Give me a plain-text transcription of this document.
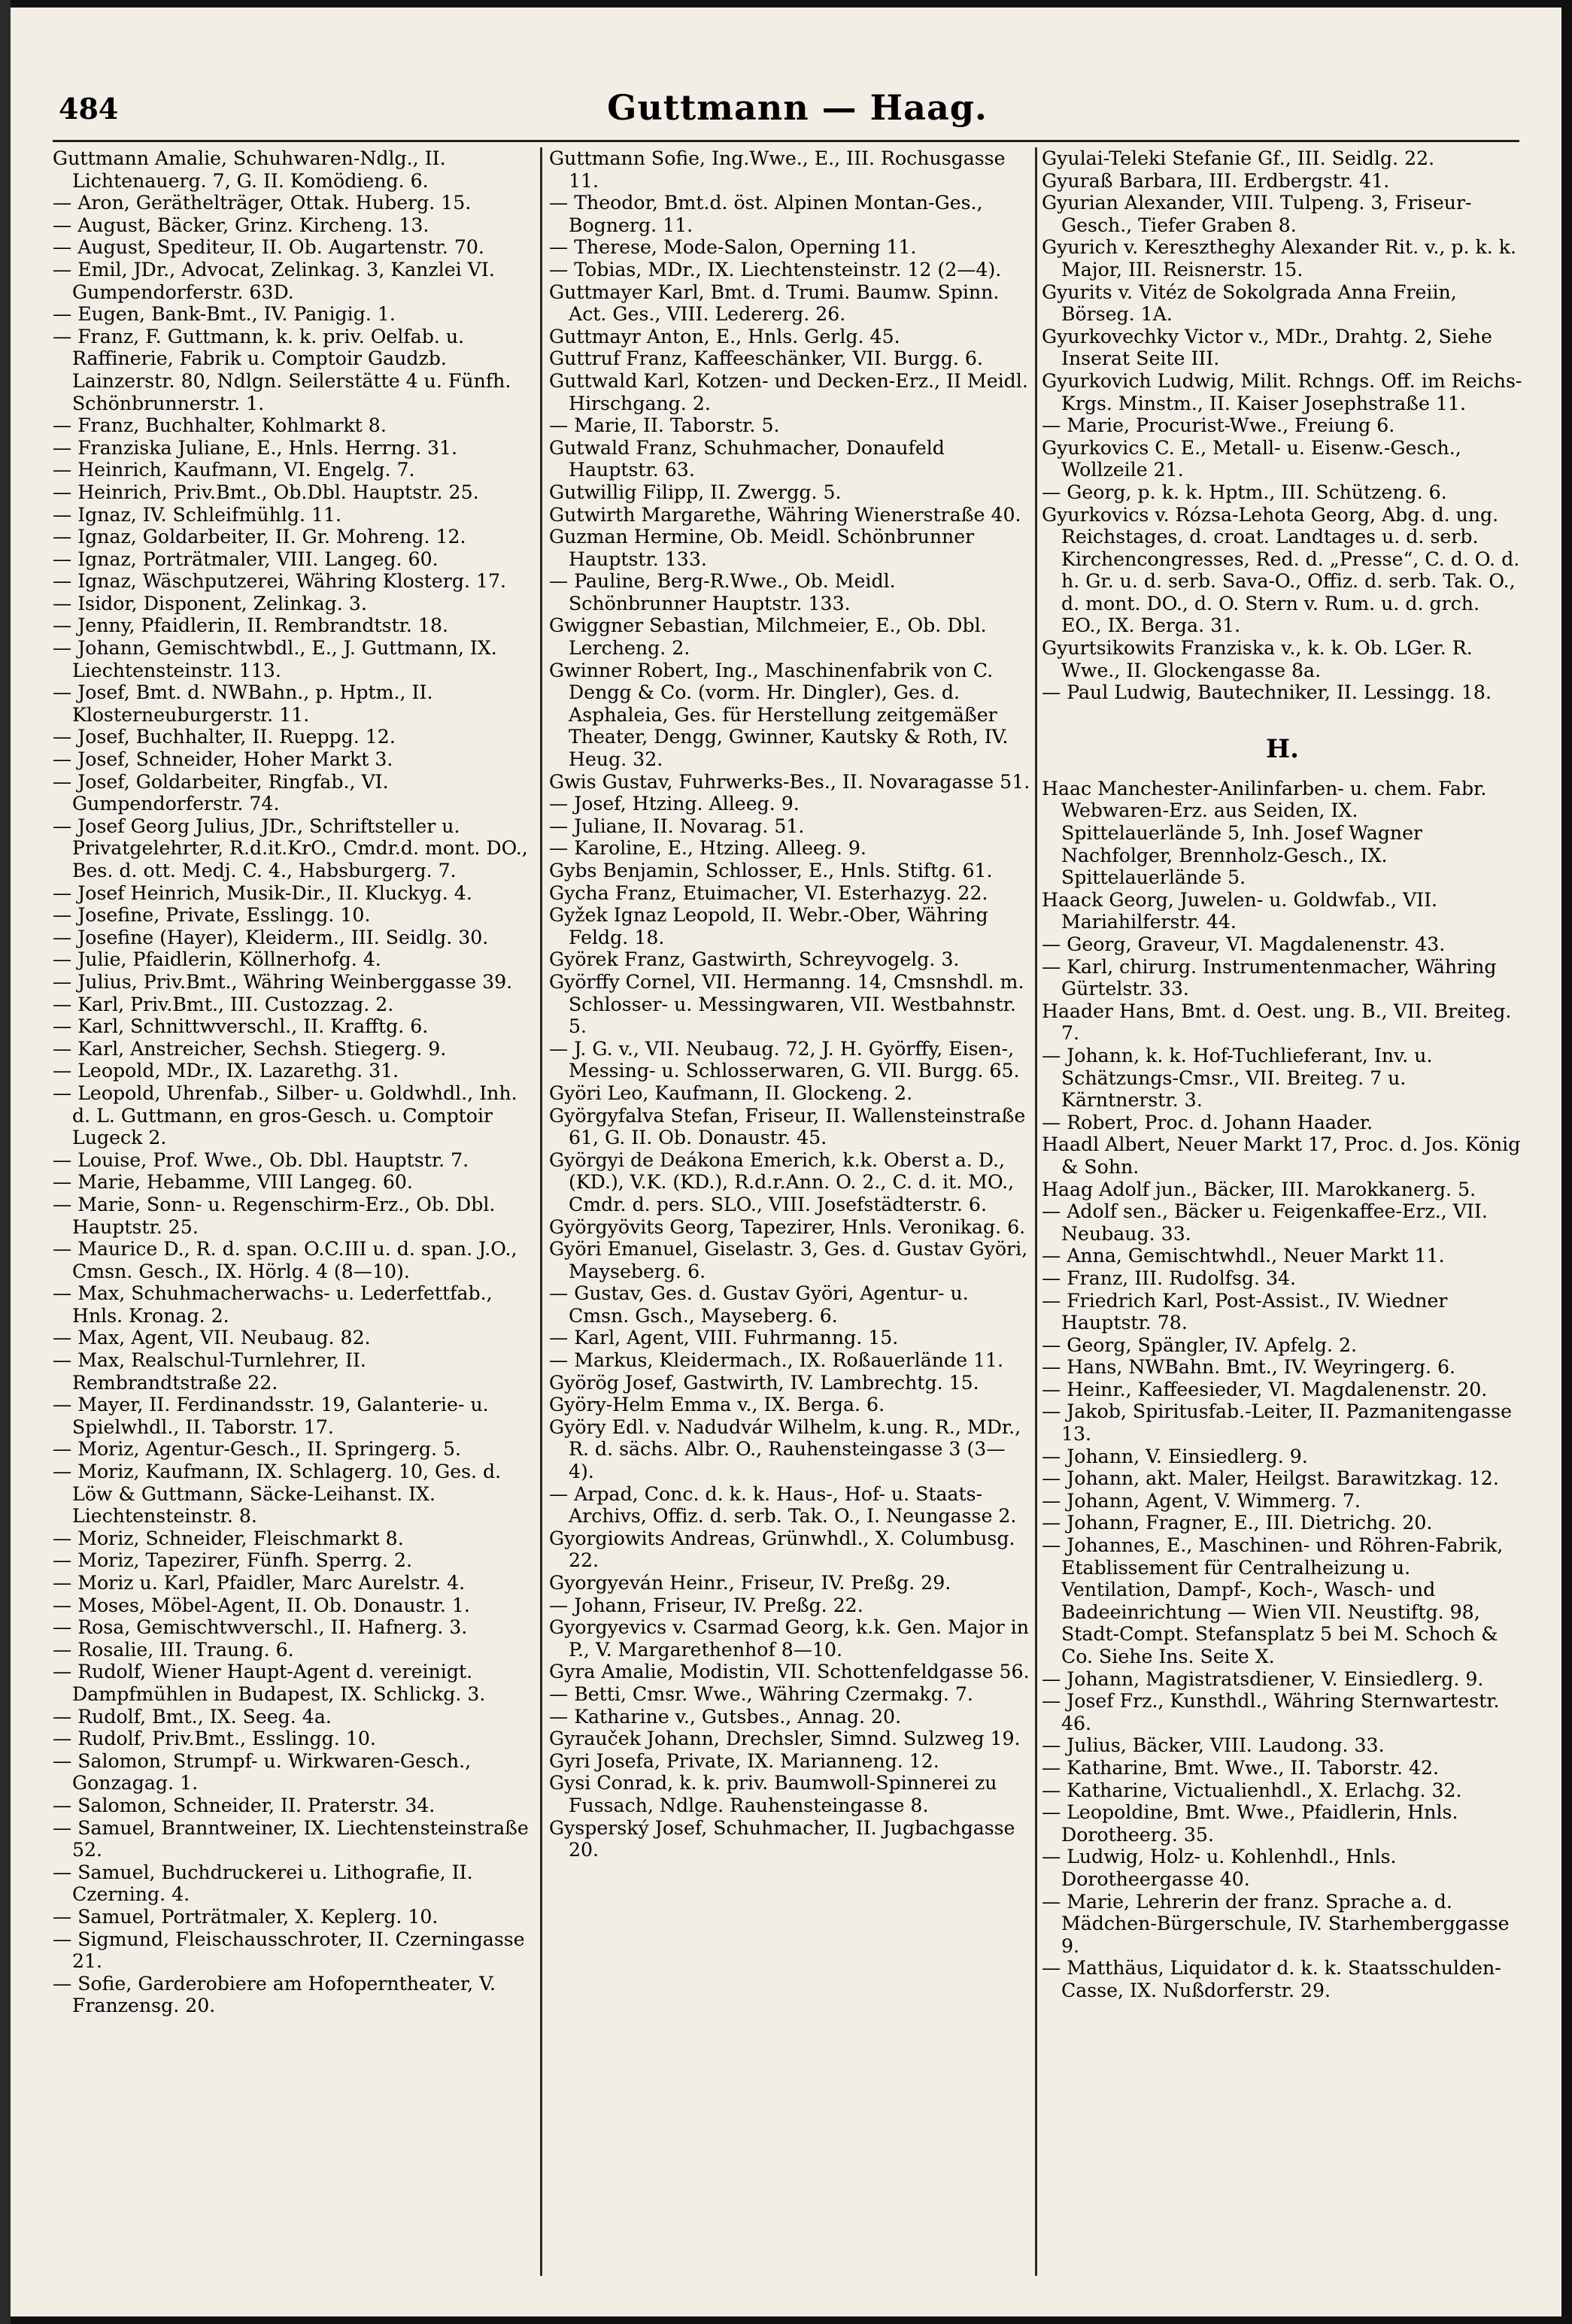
484	Guttmann — Haag.

Guttmann Amalie, Schuhwaren-Ndlg., II. Lichtenauerg. 7, G. II. Komödieng. 6.

— Aron, Geräthelträger, Ottak. Huberg. 15.

— August, Bäcker, Grinz. Kircheng. 13.

— August, Spediteur, II. Ob. Augartenstr. 70.

— Emil, JDr., Advocat, Zelinkag. 3, Kanzlei VI. Gumpendorferstr. 63D.

— Eugen, Bank-Bmt., IV. Panigig. 1.

— Franz, F. Guttmann, k. k. priv. Oelfab. u. Raffinerie, Fabrik u. Comptoir Gaudzb. Lainzerstr. 80, Ndlgn. Seilerstätte 4 u. Fünfh. Schönbrunnerstr. 1.

— Franz, Buchhalter, Kohlmarkt 8.

— Franziska Juliane, E., Hnls. Herrng. 31.

— Heinrich, Kaufmann, VI. Engelg. 7.

— Heinrich, Priv.Bmt., Ob.Dbl. Hauptstr. 25.

— Ignaz, IV. Schleifmühlg. 11.

— Ignaz, Goldarbeiter, II. Gr. Mohreng. 12.

— Ignaz, Porträtmaler, VIII. Langeg. 60.

— Ignaz, Wäschputzerei, Währing Klosterg. 17.

— Isidor, Disponent, Zelinkag. 3.

— Jenny, Pfaidlerin, II. Rembrandtstr. 18.

— Johann, Gemischtwbdl., E., J. Guttmann, IX. Liechtensteinstr. 113.

— Josef, Bmt. d. NWBahn., p. Hptm., II. Klosterneuburgerstr. 11.

— Josef, Buchhalter, II. Rueppg. 12.

— Josef, Schneider, Hoher Markt 3.

— Josef, Goldarbeiter, Ringfab., VI. Gumpendorferstr. 74.

— Josef Georg Julius, JDr., Schriftsteller u. Privatgelehrter, R.d.it.KrO., Cmdr.d. mont. DO., Bes. d. ott. Medj. C. 4., Habsburgerg. 7.

— Josef Heinrich, Musik-Dir., II. Kluckyg. 4.

— Josefine, Private, Esslingg. 10.

— Josefine (Hayer), Kleiderm., III. Seidlg. 30.

— Julie, Pfaidlerin, Köllnerhofg. 4.

— Julius, Priv.Bmt., Währing Weinberggasse 39.

— Karl, Priv.Bmt., III. Custozzag. 2.

— Karl, Schnittwverschl., II. Krafftg. 6.

— Karl, Anstreicher, Sechsh. Stiegerg. 9.

— Leopold, MDr., IX. Lazarethg. 31.

— Leopold, Uhrenfab., Silber- u. Goldwhdl., Inh. d. L. Guttmann, en gros-Gesch. u. Comptoir Lugeck 2.

— Louise, Prof. Wwe., Ob. Dbl. Hauptstr. 7.

— Marie, Hebamme, VIII Langeg. 60.

— Marie, Sonn- u. Regenschirm-Erz., Ob. Dbl. Hauptstr. 25.

— Maurice D., R. d. span. O.C.III u. d. span. J.O., Cmsn. Gesch., IX. Hörlg. 4 (8—10).

— Max, Schuhmacherwachs- u. Lederfettfab., Hnls. Kronag. 2.

— Max, Agent, VII. Neubaug. 82.

— Max, Realschul-Turnlehrer, II. Rembrandtstraße 22.

— Mayer, II. Ferdinandsstr. 19, Galanterie- u. Spielwhdl., II. Taborstr. 17.

— Moriz, Agentur-Gesch., II. Springerg. 5.

— Moriz, Kaufmann, IX. Schlagerg. 10, Ges. d. Löw & Guttmann, Säcke-Leihanst. IX. Liechtensteinstr. 8.

— Moriz, Schneider, Fleischmarkt 8.

— Moriz, Tapezirer, Fünfh. Sperrg. 2.

— Moriz u. Karl, Pfaidler, Marc Aurelstr. 4.

— Moses, Möbel-Agent, II. Ob. Donaustr. 1.

— Rosa, Gemischtwverschl., II. Hafnerg. 3.

— Rosalie, III. Traung. 6.

— Rudolf, Wiener Haupt-Agent d. vereinigt. Dampfmühlen in Budapest, IX. Schlickg. 3.

— Rudolf, Bmt., IX. Seeg. 4a.

— Rudolf, Priv.Bmt., Esslingg. 10.

— Salomon, Strumpf- u. Wirkwaren-Gesch., Gonzagag. 1.

— Salomon, Schneider, II. Praterstr. 34.

— Samuel, Branntweiner, IX. Liechtensteinstraße 52.

— Samuel, Buchdruckerei u. Lithografie, II. Czerning. 4.

— Samuel, Porträtmaler, X. Keplerg. 10.

— Sigmund, Fleischausschroter, II. Czerningasse 21.

— Sofie, Garderobiere am Hofoperntheater, V. Franzensg. 20.

Guttmann Sofie, Ing.Wwe., E., III. Rochusgasse 11.

— Theodor, Bmt.d. öst. Alpinen Montan-Ges., Bognerg. 11.

— Therese, Mode-Salon, Operning 11.

— Tobias, MDr., IX. Liechtensteinstr. 12 (2—4).

Guttmayer Karl, Bmt. d. Trumi. Baumw. Spinn. Act. Ges., VIII. Ledererg. 26.

Guttmayr Anton, E., Hnls. Gerlg. 45.

Guttruf Franz, Kaffeeschänker, VII. Burgg. 6.

Guttwald Karl, Kotzen- und Decken-Erz., II Meidl. Hirschgang. 2.

— Marie, II. Taborstr. 5.

Gutwald Franz, Schuhmacher, Donaufeld Hauptstr. 63.

Gutwillig Filipp, II. Zwergg. 5.

Gutwirth Margarethe, Währing Wienerstraße 40.

Guzman Hermine, Ob. Meidl. Schönbrunner Hauptstr. 133.

— Pauline, Berg-R.Wwe., Ob. Meidl. Schönbrunner Hauptstr. 133.

Gwiggner Sebastian, Milchmeier, E., Ob. Dbl. Lercheng. 2.

Gwinner Robert, Ing., Maschinenfabrik von C. Dengg & Co. (vorm. Hr. Dingler), Ges. d. Asphaleia, Ges. für Herstellung zeitgemäßer Theater, Dengg, Gwinner, Kautsky & Roth, IV. Heug. 32.

Gwis Gustav, Fuhrwerks-Bes., II. Novaragasse 51.

— Josef, Htzing. Alleeg. 9.

— Juliane, II. Novarag. 51.

— Karoline, E., Htzing. Alleeg. 9.

Gybs Benjamin, Schlosser, E., Hnls. Stiftg. 61.

Gycha Franz, Etuimacher, VI. Esterhazyg. 22.

Gyžek Ignaz Leopold, II. Webr.-Ober, Währing Feldg. 18.

Györek Franz, Gastwirth, Schreyvogelg. 3.

Györffy Cornel, VII. Hermanng. 14, Cmsnshdl. m. Schlosser- u. Messingwaren, VII. Westbahnstr. 5.

— J. G. v., VII. Neubaug. 72, J. H. Györffy, Eisen-, Messing- u. Schlosserwaren, G. VII. Burgg. 65.

Györi Leo, Kaufmann, II. Glockeng. 2.

Györgyfalva Stefan, Friseur, II. Wallensteinstraße 61, G. II. Ob. Donaustr. 45.

Györgyi de Deákona Emerich, k.k. Oberst a. D., (KD.), V.K. (KD.), R.d.r.Ann. O. 2., C. d. it. MO., Cmdr. d. pers. SLO., VIII. Josefstädterstr. 6.

Györgyövits Georg, Tapezirer, Hnls. Veronikag. 6.

Györi Emanuel, Giselastr. 3, Ges. d. Gustav Györi, Mayseberg. 6.

— Gustav, Ges. d. Gustav Györi, Agentur- u. Cmsn. Gsch., Mayseberg. 6.

— Karl, Agent, VIII. Fuhrmanng. 15.

— Markus, Kleidermach., IX. Roßauerlände 11.

Györög Josef, Gastwirth, IV. Lambrechtg. 15.

Györy-Helm Emma v., IX. Berga. 6.

Györy Edl. v. Nadudvár Wilhelm, k.ung. R., MDr., R. d. sächs. Albr. O., Rauhensteingasse 3 (3—4).

— Arpad, Conc. d. k. k. Haus-, Hof- u. Staats-Archivs, Offiz. d. serb. Tak. O., I. Neungasse 2.

Gyorgiowits Andreas, Grünwhdl., X. Columbusg. 22.

Gyorgyeván Heinr., Friseur, IV. Preßg. 29.

— Johann, Friseur, IV. Preßg. 22.

Gyorgyevics v. Csarmad Georg, k.k. Gen. Major in P., V. Margarethenhof 8—10.

Gyra Amalie, Modistin, VII. Schottenfeldgasse 56.

— Betti, Cmsr. Wwe., Währing Czermakg. 7.

— Katharine v., Gutsbes., Annag. 20.

Gyrauček Johann, Drechsler, Simnd. Sulzweg 19.

Gyri Josefa, Private, IX. Marianneng. 12.

Gysi Conrad, k. k. priv. Baumwoll-Spinnerei zu Fussach, Ndlge. Rauhensteingasse 8.

Gysperský Josef, Schuhmacher, II. Jugbachgasse 20.

Gyulai-Teleki Stefanie Gf., III. Seidlg. 22.

Gyuraß Barbara, III. Erdbergstr. 41.

Gyurian Alexander, VIII. Tulpeng. 3, Friseur-Gesch., Tiefer Graben 8.

Gyurich v. Keresztheghy Alexander Rit. v., p. k. k. Major, III. Reisnerstr. 15.

Gyurits v. Vitéz de Sokolgrada Anna Freiin, Börseg. 1A.

Gyurkovechky Victor v., MDr., Drahtg. 2, Siehe Inserat Seite III.

Gyurkovich Ludwig, Milit. Rchngs. Off. im Reichs-Krgs. Minstm., II. Kaiser Josephstraße 11.

— Marie, Procurist-Wwe., Freiung 6.

Gyurkovics C. E., Metall- u. Eisenw.-Gesch., Wollzeile 21.

— Georg, p. k. k. Hptm., III. Schützeng. 6.

Gyurkovics v. Rózsa-Lehota Georg, Abg. d. ung. Reichstages, d. croat. Landtages u. d. serb. Kirchencongresses, Red. d. „Presse“, C. d. O. d. h. Gr. u. d. serb. Sava-O., Offiz. d. serb. Tak. O., d. mont. DO., d. O. Stern v. Rum. u. d. grch. EO., IX. Berga. 31.

Gyurtsikowits Franziska v., k. k. Ob. LGer. R. Wwe., II. Glockengasse 8a.

— Paul Ludwig, Bautechniker, II. Lessingg. 18.

H.

Haac Manchester-Anilinfarben- u. chem. Fabr. Webwaren-Erz. aus Seiden, IX. Spittelauerlände 5, Inh. Josef Wagner Nachfolger, Brennholz-Gesch., IX. Spittelauerlände 5.

Haack Georg, Juwelen- u. Goldwfab., VII. Mariahilferstr. 44.

— Georg, Graveur, VI. Magdalenenstr. 43.

— Karl, chirurg. Instrumentenmacher, Währing Gürtelstr. 33.

Haader Hans, Bmt. d. Oest. ung. B., VII. Breiteg. 7.

— Johann, k. k. Hof-Tuchlieferant, Inv. u. Schätzungs-Cmsr., VII. Breiteg. 7 u. Kärntnerstr. 3.

— Robert, Proc. d. Johann Haader.

Haadl Albert, Neuer Markt 17, Proc. d. Jos. König & Sohn.

Haag Adolf jun., Bäcker, III. Marokkanerg. 5.

— Adolf sen., Bäcker u. Feigenkaffee-Erz., VII. Neubaug. 33.

— Anna, Gemischtwhdl., Neuer Markt 11.

— Franz, III. Rudolfsg. 34.

— Friedrich Karl, Post-Assist., IV. Wiedner Hauptstr. 78.

— Georg, Spängler, IV. Apfelg. 2.

— Hans, NWBahn. Bmt., IV. Weyringerg. 6.

— Heinr., Kaffeesieder, VI. Magdalenenstr. 20.

— Jakob, Spiritusfab.-Leiter, II. Pazmanitengasse 13.

— Johann, V. Einsiedlerg. 9.

— Johann, akt. Maler, Heilgst. Barawitzkag. 12.

— Johann, Agent, V. Wimmerg. 7.

— Johann, Fragner, E., III. Dietrichg. 20.

— Johannes, E., Maschinen- und Röhren-Fabrik, Etablissement für Centralheizung u. Ventilation, Dampf-, Koch-, Wasch- und Badeeinrichtung — Wien VII. Neustiftg. 98, Stadt-Compt. Stefansplatz 5 bei M. Schoch & Co. Siehe Ins. Seite X.

— Johann, Magistratsdiener, V. Einsiedlerg. 9.

— Josef Frz., Kunsthdl., Währing Sternwartestr. 46.

— Julius, Bäcker, VIII. Laudong. 33.

— Katharine, Bmt. Wwe., II. Taborstr. 42.

— Katharine, Victualienhdl., X. Erlachg. 32.

— Leopoldine, Bmt. Wwe., Pfaidlerin, Hnls. Dorotheerg. 35.

— Ludwig, Holz- u. Kohlenhdl., Hnls. Dorotheergasse 40.

— Marie, Lehrerin der franz. Sprache a. d. Mädchen-Bürgerschule, IV. Starhemberggasse 9.

— Matthäus, Liquidator d. k. k. Staatsschulden-Casse, IX. Nußdorferstr. 29.
